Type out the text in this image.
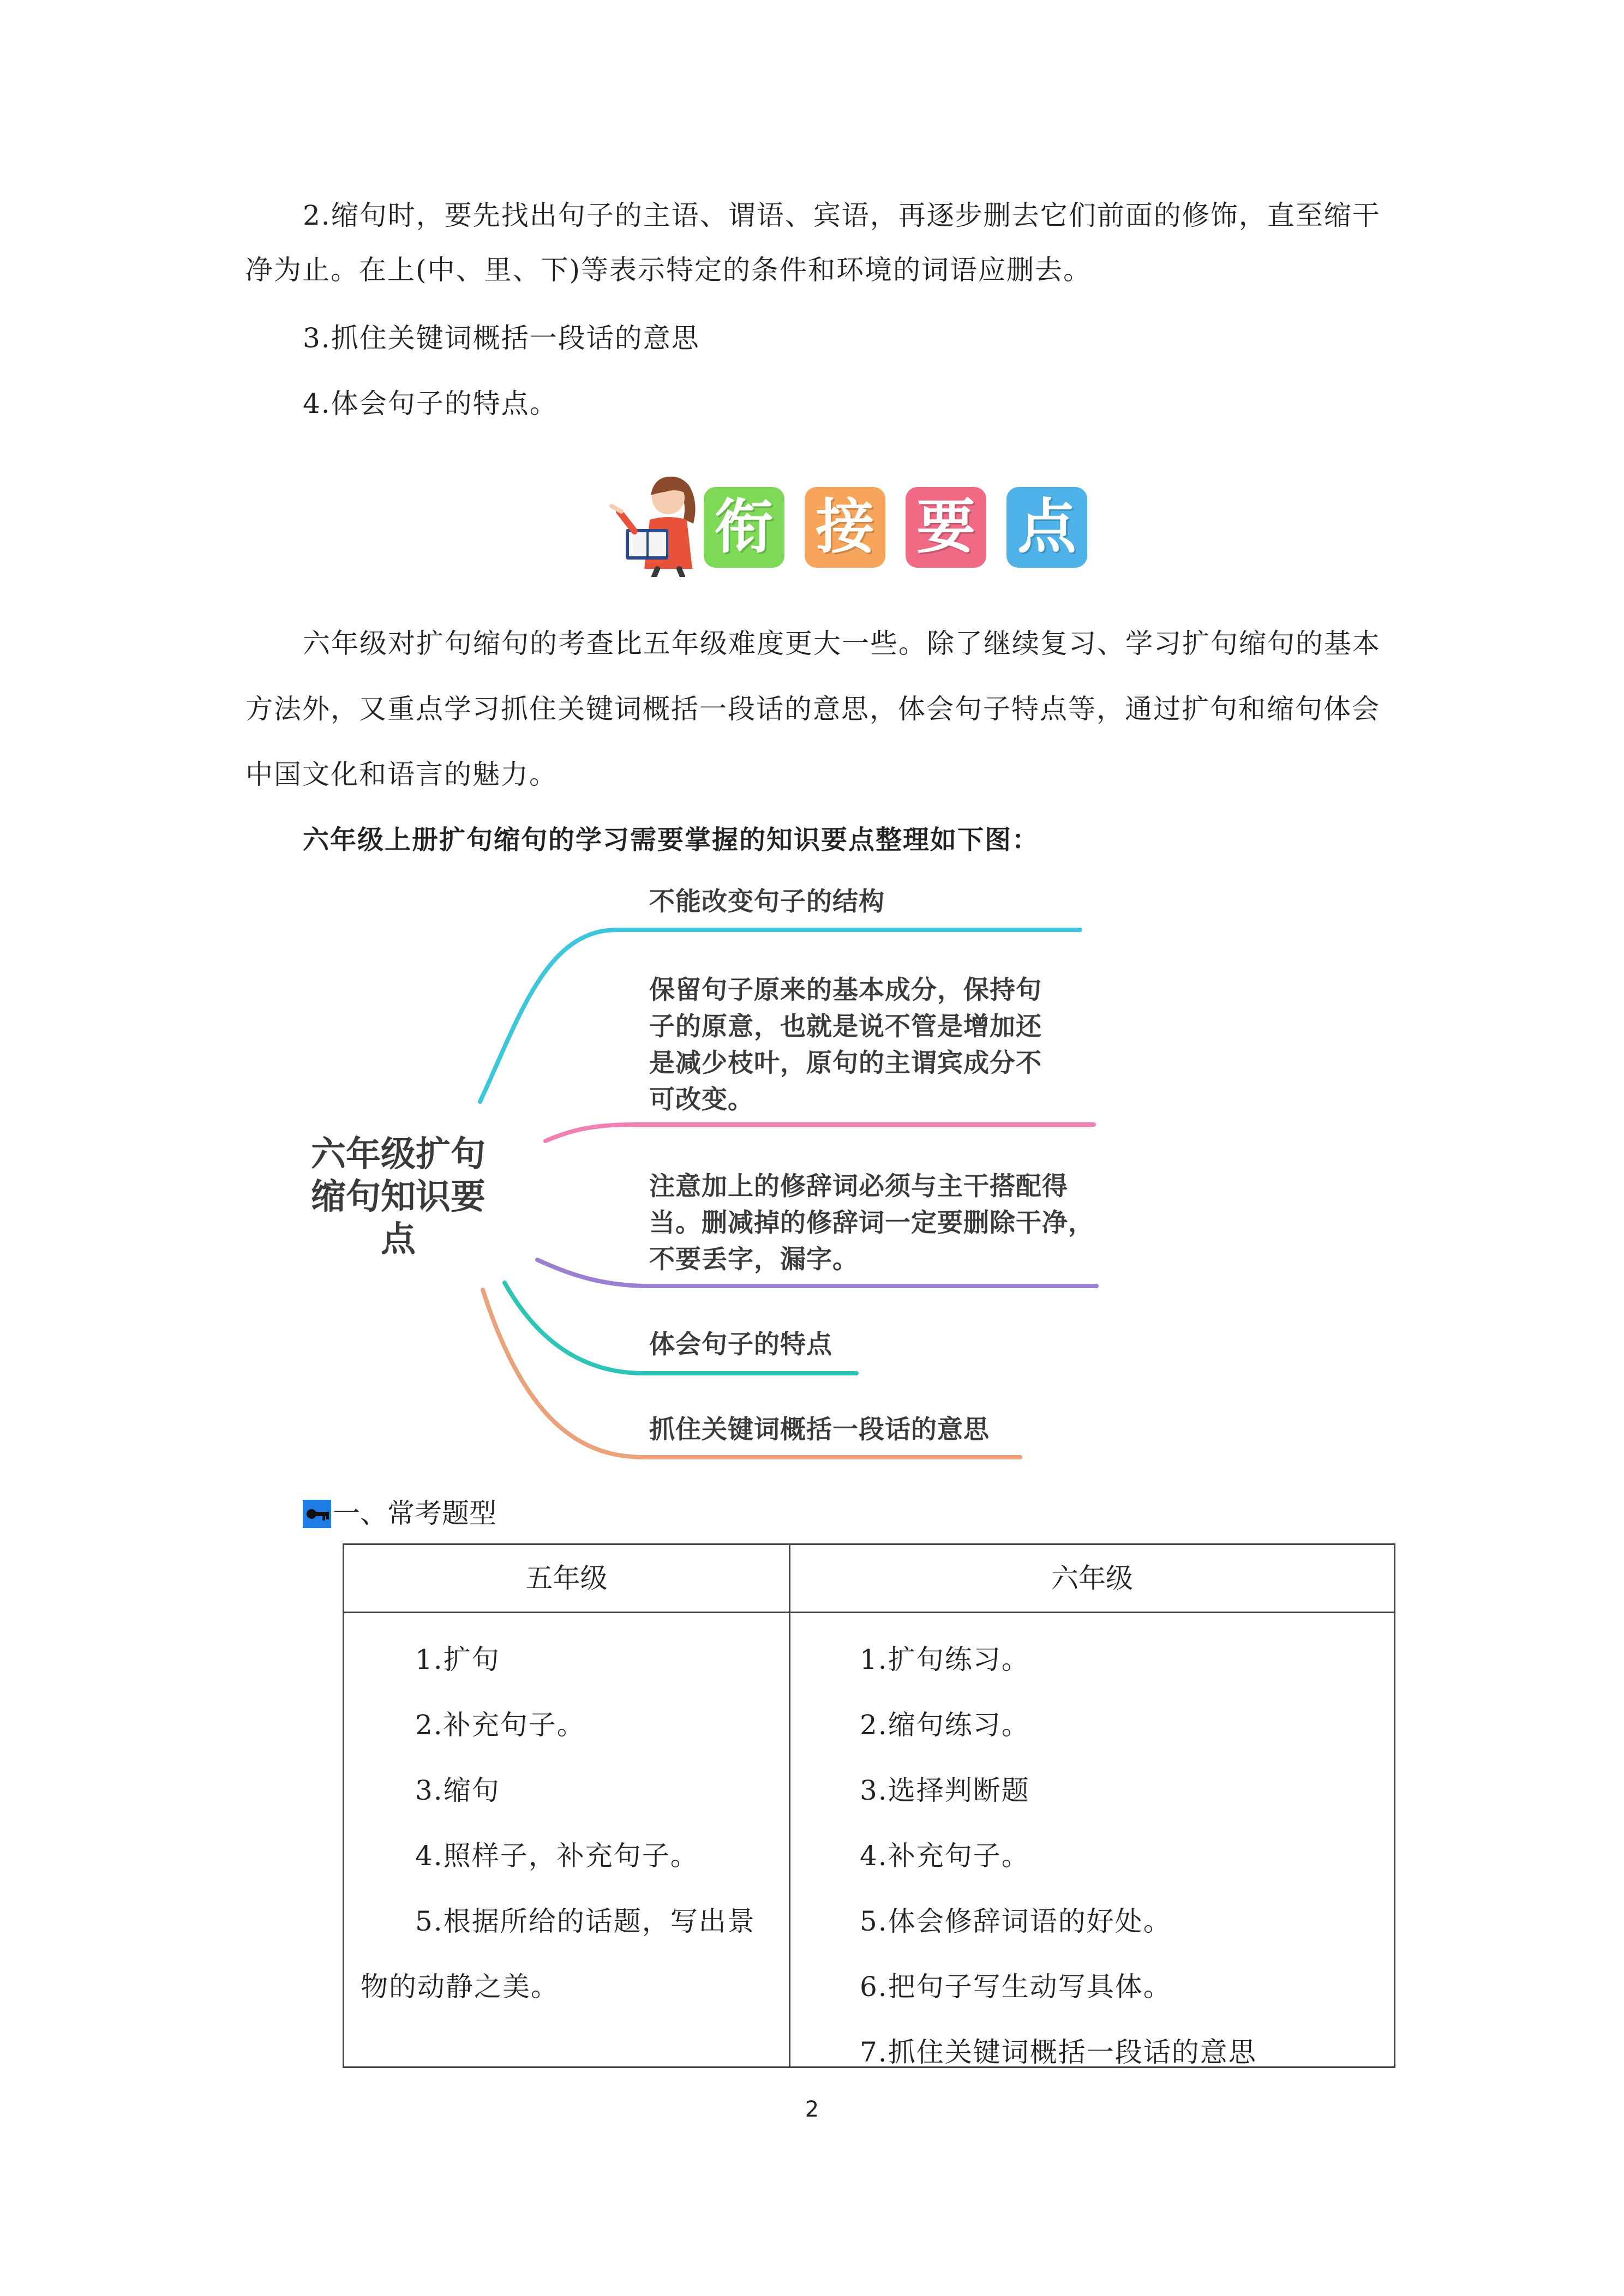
2.缩句时，要先找出句子的主语、谓语、宾语，再逐步删去它们前面的修饰，直至缩干

净为止。在上(中、里、下)等表示特定的条件和环境的词语应删去。

3.抓住关键词概括一段话的意思

4.体会句子的特点。

衔 接 要 点

六年级对扩句缩句的考查比五年级难度更大一些。除了继续复习、学习扩句缩句的基本

方法外，又重点学习抓住关键词概括一段话的意思，体会句子特点等，通过扩句和缩句体会

中国文化和语言的魅力。

六年级上册扩句缩句的学习需要掌握的知识要点整理如下图：

六年级扩句
缩句知识要
点
不能改变句子的结构
保留句子原来的基本成分，保持句
子的原意，也就是说不管是增加还
是减少枝叶，原句的主谓宾成分不
可改变。
注意加上的修辞词必须与主干搭配得
当。删减掉的修辞词一定要删除干净，
不要丢字，漏字。
体会句子的特点
抓住关键词概括一段话的意思
一、常考题型
五年级	六年级
1.扩句
2.补充句子。
3.缩句
4.照样子，补充句子。
5.根据所给的话题，写出景
物的动静之美。
1.扩句练习。
2.缩句练习。
3.选择判断题
4.补充句子。
5.体会修辞词语的好处。
6.把句子写生动写具体。
7.抓住关键词概括一段话的意思
2
